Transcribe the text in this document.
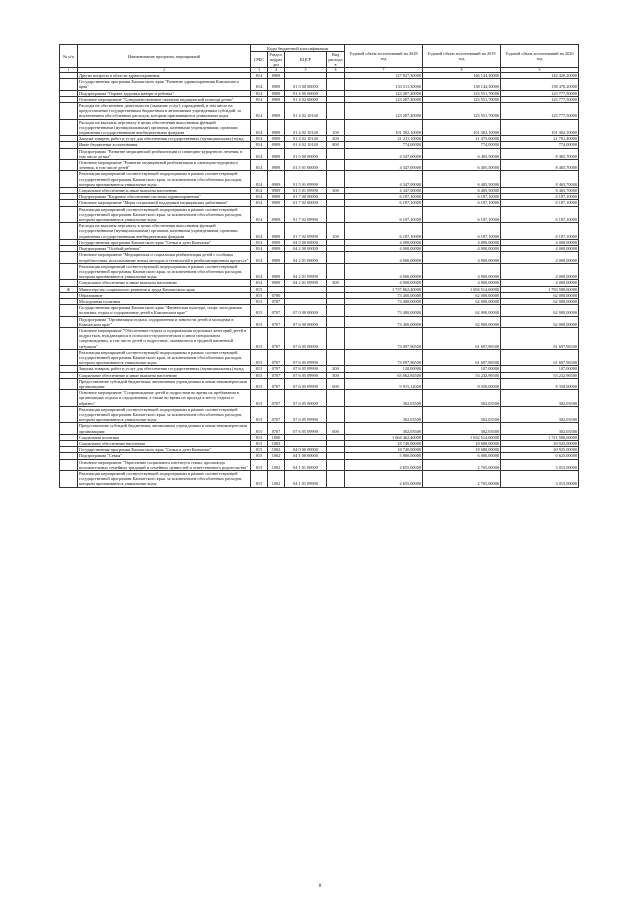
№ п/п	Наименование программ, мероприятий	Коды бюджетной классификации				Годовой объем ассигнований на 2018 год	Годовой объем ассигнований на 2019 год	Годовой объем ассигнований на 2020 год
		ГРБС	Раздел, подраздел	КЦСР	Вид расходов			
1	2	3	4	5	6	7	8	9
	Другие вопросы в области здравоохранения	814	0909			127 827,30000	146 144,30000	142 420,20000
	Государственная программа Камчатского края "Развитие здравоохранения Камчатского края"	814	0909	01 0 00 00000		133 511,30000	138 144,30000	138 470,20000
	Подпрограмма "Охрана здоровья матери и ребенка"	814	0909	01 4 00 00000		123 287,20000	123 551,70000	123 777,50000
	Основное мероприятие "Совершенствование оказания медицинской помощи детям"	814	0909	01 4 02 00000		123 287,20000	123 551,70000	123 777,50000
	Расходы на обеспечение деятельности (оказание услуг) учреждений, в том числе на предоставление государственным бюджетным и автономным учреждениям субсидий, за исключением обособленных расходов, которым присваиваются уникальные коды	814	0909	01 4 02 10140		123 287,20000	123 551,70000	123 777,50000
	Расходы на выплаты персоналу в целях обеспечения выполнения функций государственными (муниципальными) органами, казенными учреждениями, органами управления государственными внебюджетными фондами	814	0909	01 4 02 10140	100	101 302,10000	101 302,10000	101 302,10000
	Закупка товаров, работ и услуг для обеспечения государственных (муниципальных) нужд	814	0909	01 4 02 10140	200	21 211,10000	21 475,60000	21 701,40000
	Иные бюджетные ассигнования	814	0909	01 4 02 10140	800	774,00000	774,00000	774,00000
	Подпрограмма "Развитие медицинской реабилитации и санаторно-курортного лечения, в том числе детям"	814	0909	01 5 00 00000		4 347,00000	6 405,50000	8 465,70000
	Основное мероприятие "Развитие медицинской реабилитации и санаторно-курортного лечения, в том числе детей"	814	0909	01 5 01 00000		4 347,00000	6 405,50000	8 465,70000
	Реализация мероприятий соответствующей подпрограммы в рамках соответствующей государственной программы Камчатского края, за исключением обособленных расходов, которым присваиваются уникальные коды	814	0909	01 5 01 09990		4 347,00000	6 405,50000	8 465,70000
	Социальное обеспечение и иные выплаты населению	814	0909	01 5 01 09990	300	4 347,00000	6 405,50000	8 465,70000
	Подпрограмма "Кадровое обеспечение системы здравоохранения"	814	0909	01 7 00 00000		6 187,10000	6 187,10000	6 187,10000
	Основное мероприятие "Меры социальной поддержки медицинских работников"	814	0909	01 7 02 00000		6 187,10000	6 187,10000	6 187,10000
	Реализация мероприятий соответствующей подпрограммы в рамках соответствующей государственной программы Камчатского края, за исключением обособленных расходов, которым присваиваются уникальные коды	814	0909	01 7 02 09990		6 187,10000	6 187,10000	6 187,10000
	Расходы на выплаты персоналу в целях обеспечения выполнения функций государственными (муниципальными) органами, казенными учреждениями, органами управления государственными внебюджетными фондами	814	0909	01 7 02 09990	100	6 187,10000	6 187,10000	6 187,10000
	Государственная программа Камчатского края "Семья и дети Камчатки"	814	0909	04 0 00 00000		4 000,00000	4 000,00000	4 000,00000
	Подпрограмма "Особый ребенок"	814	0909	04 2 00 00000		4 000,00000	4 000,00000	4 000,00000
	Основное мероприятие "Медицинская и социальная реабилитация детей с особыми потребностями, использование новых методов и технологий в реабилитационном процессе"	814	0909	04 2 01 00000		4 000,00000	4 000,00000	4 000,00000
	Реализация мероприятий соответствующей подпрограммы в рамках соответствующей государственной программы Камчатского края, за исключением обособленных расходов, которым присваиваются уникальные коды	814	0909	04 2 01 09990		4 000,00000	4 000,00000	4 000,00000
	Социальное обеспечение и иные выплаты населению	814	0909	04 2 01 09990	300	4 000,00000	4 000,00000	4 000,00000
6	Министерство социального развития и труда Камчатского края	815				1 737 862,40000	1 694 514,60000	1 783 580,60000
	Образование	815	0700			73 400,00000	62 000,00000	62 000,00000
	Молодежная политика	815	0707			73 400,00000	62 000,00000	62 000,00000
	Государственная программа Камчатского края "Физическая культура, спорт, молодежная политика, отдых и оздоровление детей в Камчатском крае"	815	0707	07 0 00 00000		73 400,00000	62 000,00000	62 000,00000
	Подпрограмма "Организация отдыха, оздоровления и занятости детей и молодежи в Камчатском крае"	815	0707	07 6 00 00000		73 400,00000	62 000,00000	62 000,00000
	Основное мероприятие "Обеспечение отдыха и оздоровления отдельных категорий детей и подростков, нуждающихся в психолого-педагогическом и ином специальном сопровождении, в том числе детей и подростков, оказавшихся в трудной жизненной ситуации"	815	0707	07 6 05 00000		73 097,96500	61 697,96500	61 697,96500
	Реализация мероприятий соответствующей подпрограммы в рамках соответствующей государственной программы Камчатского края, за исключением обособленных расходов, которым присваиваются уникальные коды	815	0707	07 6 05 09990		73 097,96500	61 697,96500	61 697,96500
	Закупка товаров, работ и услуг для обеспечения государственных (муниципальных) нужд	815	0707	07 6 05 09990	200	120,00000	107,00000	107,00000
	Социальное обеспечение и иные выплаты населению	815	0707	07 6 05 09990	300	63 062,84500	53 232,96500	53 232,96500
	Предоставление субсидий бюджетным, автономным учреждениям и иным некоммерческим организациям	815	0707	07 6 05 09990	600	9 915,12000	8 358,00000	8 358,00000
	Основное мероприятие "Сопровождение детей и подростков во время их пребывания в организациях отдыха и оздоровления, а также во время их проезда к месту отдыха и обратно"	815	0707	07 6 05 00000		302,03500	302,03500	302,03500
	Реализация мероприятий соответствующей подпрограммы в рамках соответствующей государственной программы Камчатского края, за исключением обособленных расходов, которым присваиваются уникальные коды	815	0707	07 6 05 09990		302,03500	302,03500	302,03500
	Предоставление субсидий бюджетным, автономным учреждениям и иным некоммерческим организациям	815	0707	07 6 05 09990	600	302,03500	302,03500	302,03500
	Социальная политика	815	1000			1 664 462,40000	1 632 514,60000	1 721 580,60000
	Социальное обеспечение населения	815	1003			18 740,00000	18 680,00000	20 925,00000
	Государственная программа Камчатского края "Семья и дети Камчатки"	815	1002	04 0 00 00000		18 740,00000	18 680,00000	20 925,00000
	Подпрограмма "Семья"	815	1002	04 1 00 00000		5 800,00000	6 000,00000	6 625,00000
	Основное мероприятие "Укрепление социального института семьи, пропаганда положительных семейных традиций и семейных ценностей и ответственного родительства"	815	1002	04 1 01 00000		2 655,00000	2 765,00000	3 015,00000
	Реализация мероприятий соответствующей подпрограммы в рамках соответствующей государственной программы Камчатского края, за исключением обособленных расходов, которым присваиваются уникальные коды	815	1002	04 1 01 09990		2 655,00000	2 765,00000	3 015,00000
8
